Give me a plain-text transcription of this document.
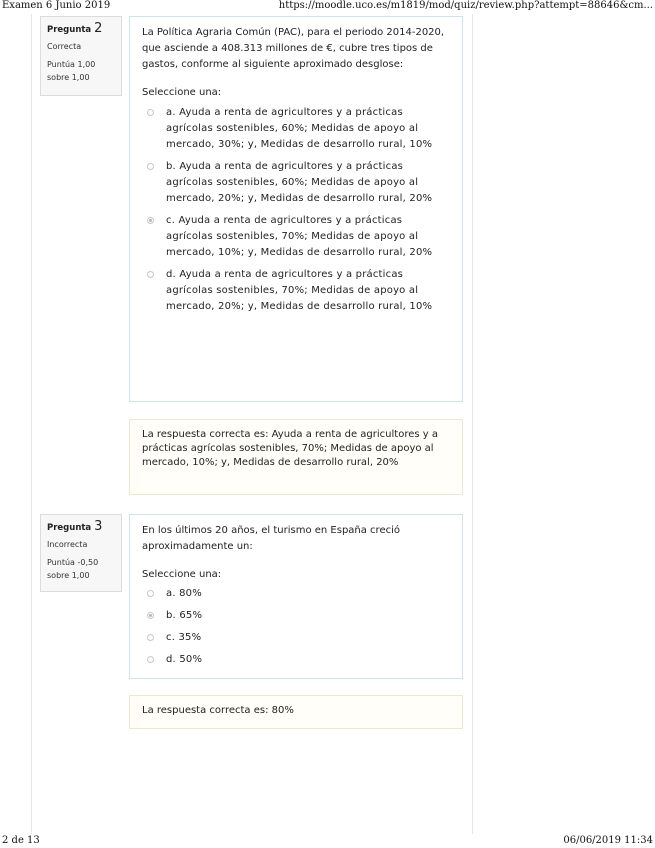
Examen 6 Junio 2019	https://moodle.uco.es/m1819/mod/quiz/review.php?attempt=88646&cm...
Pregunta 2
Correcta
Puntúa 1,00
sobre 1,00

La Política Agraria Común (PAC), para el periodo 2014-2020, que asciende a 408.313 millones de €, cubre tres tipos de gastos, conforme al siguiente aproximado desglose:

Seleccione una:
a. Ayuda a renta de agricultores y a prácticas agrícolas sostenibles, 60%; Medidas de apoyo al mercado, 30%; y, Medidas de desarrollo rural, 10%
b. Ayuda a renta de agricultores y a prácticas agrícolas sostenibles, 60%; Medidas de apoyo al mercado, 20%; y, Medidas de desarrollo rural, 20%
c. Ayuda a renta de agricultores y a prácticas agrícolas sostenibles, 70%; Medidas de apoyo al mercado, 10%; y, Medidas de desarrollo rural, 20%
d. Ayuda a renta de agricultores y a prácticas agrícolas sostenibles, 70%; Medidas de apoyo al mercado, 20%; y, Medidas de desarrollo rural, 10%
La respuesta correcta es: Ayuda a renta de agricultores y a prácticas agrícolas sostenibles, 70%; Medidas de apoyo al mercado, 10%; y, Medidas de desarrollo rural, 20%
Pregunta 3
Incorrecta
Puntúa -0,50
sobre 1,00

En los últimos 20 años, el turismo en España creció aproximadamente un:

Seleccione una:
a. 80%
b. 65%
c. 35%
d. 50%
La respuesta correcta es: 80%
2 de 13	06/06/2019 11:34
